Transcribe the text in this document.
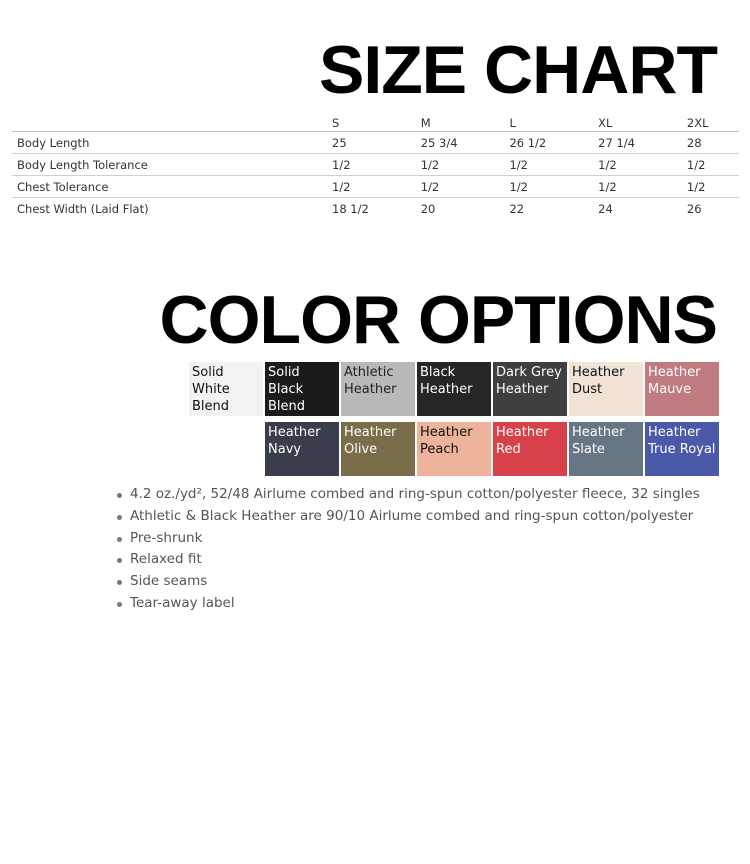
SIZE CHART
	S	M	L	XL	2XL
Body Length	25	25 3/4	26 1/2	27 1/4	28
Body Length Tolerance	1/2	1/2	1/2	1/2	1/2
Chest Tolerance	1/2	1/2	1/2	1/2	1/2
Chest Width (Laid Flat)	18 1/2	20	22	24	26
COLOR OPTIONS
Solid White Blend
Solid Black Blend
Athletic Heather
Black Heather
Dark Grey Heather
Heather Dust
Heather Mauve
Heather Navy
Heather Olive
Heather Peach
Heather Red
Heather Slate
Heather True Royal
4.2 oz./yd², 52/48 Airlume combed and ring-spun cotton/polyester fleece, 32 singles
Athletic & Black Heather are 90/10 Airlume combed and ring-spun cotton/polyester
Pre-shrunk
Relaxed fit
Side seams
Tear-away label
